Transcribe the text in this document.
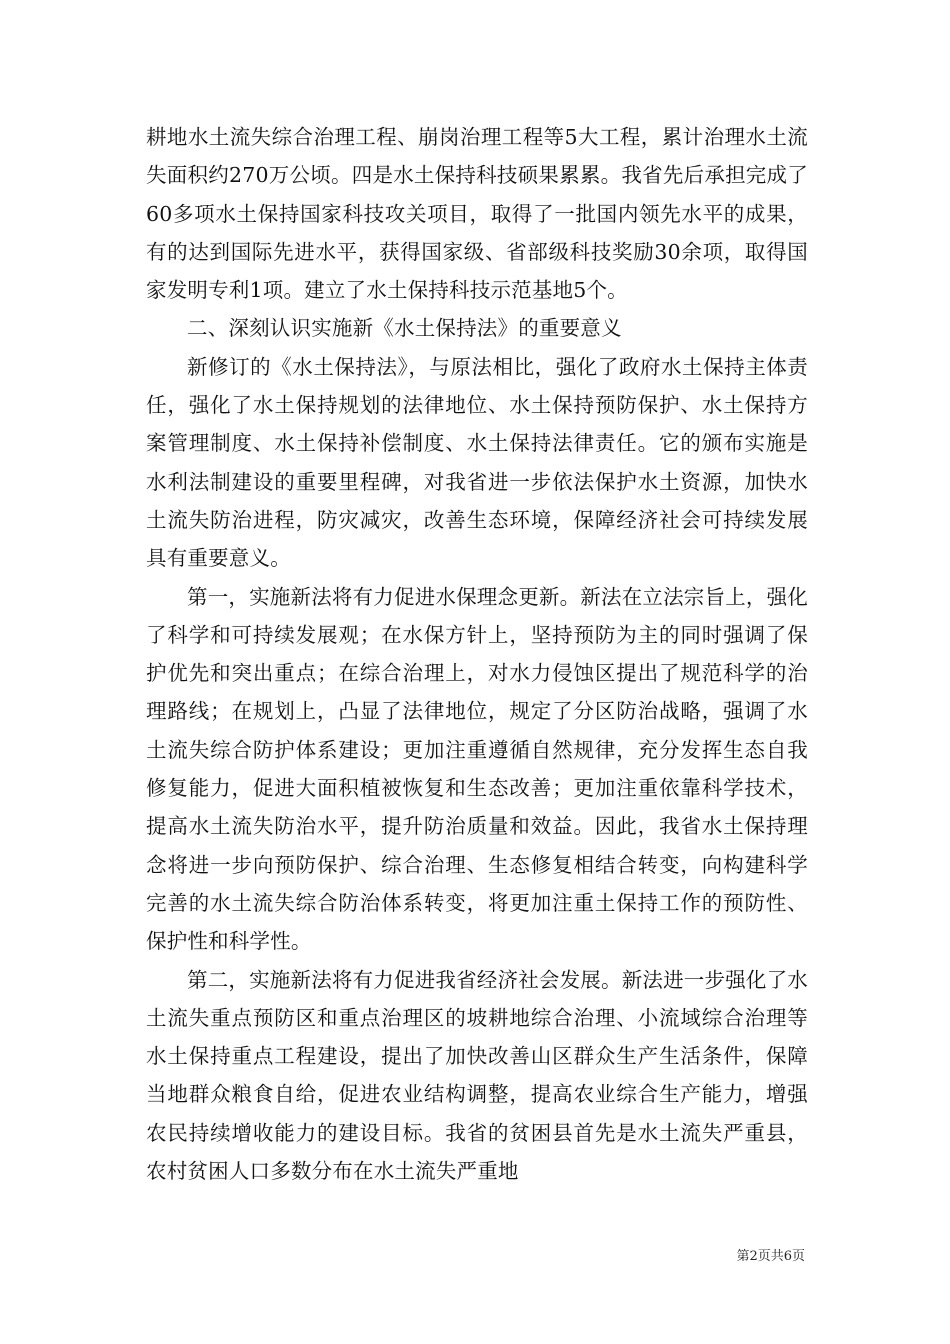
耕地水土流失综合治理工程、崩岗治理工程等5大工程，累计治理水土流失面积约270万公顷。四是水土保持科技硕果累累。我省先后承担完成了60多项水土保持国家科技攻关项目，取得了一批国内领先水平的成果，有的达到国际先进水平，获得国家级、省部级科技奖励30余项，取得国家发明专利1项。建立了水土保持科技示范基地5个。

二、深刻认识实施新《水土保持法》的重要意义

新修订的《水土保持法》，与原法相比，强化了政府水土保持主体责任，强化了水土保持规划的法律地位、水土保持预防保护、水土保持方案管理制度、水土保持补偿制度、水土保持法律责任。它的颁布实施是水利法制建设的重要里程碑，对我省进一步依法保护水土资源，加快水土流失防治进程，防灾减灾，改善生态环境，保障经济社会可持续发展具有重要意义。

第一，实施新法将有力促进水保理念更新。新法在立法宗旨上，强化了科学和可持续发展观；在水保方针上，坚持预防为主的同时强调了保护优先和突出重点；在综合治理上，对水力侵蚀区提出了规范科学的治理路线；在规划上，凸显了法律地位，规定了分区防治战略，强调了水土流失综合防护体系建设；更加注重遵循自然规律，充分发挥生态自我修复能力，促进大面积植被恢复和生态改善；更加注重依靠科学技术，提高水土流失防治水平，提升防治质量和效益。因此，我省水土保持理念将进一步向预防保护、综合治理、生态修复相结合转变，向构建科学完善的水土流失综合防治体系转变，将更加注重土保持工作的预防性、保护性和科学性。

第二，实施新法将有力促进我省经济社会发展。新法进一步强化了水土流失重点预防区和重点治理区的坡耕地综合治理、小流域综合治理等水土保持重点工程建设，提出了加快改善山区群众生产生活条件，保障当地群众粮食自给，促进农业结构调整，提高农业综合生产能力，增强农民持续增收能力的建设目标。我省的贫困县首先是水土流失严重县，农村贫困人口多数分布在水土流失严重地

第2页共6页
